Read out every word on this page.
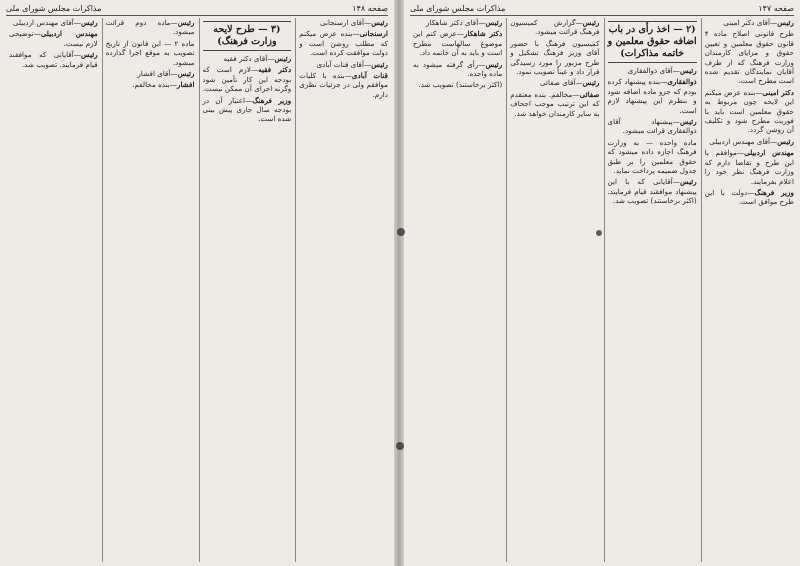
صفحه ۱۴۷
مذاکرات مجلس شورای ملی

رئیس—آقای دکتر امینی

طرح قانونی اصلاح ماده ۴ قانون حقوق معلمین و تعیین حقوق و مزایای کارمندان وزارت فرهنگ که از طرف آقایان نمایندگان تقدیم شده است مطرح است.

دکتر امینی—بنده عرض میکنم این لایحه چون مربوط به حقوق معلمین است باید با فوریت مطرح شود و تکلیف آن روشن گردد.

رئیس—آقای مهندس اردبیلی

مهندس اردبیلی—موافقم با این طرح و تقاضا دارم که وزارت فرهنگ نظر خود را اعلام بفرمایند.

وزیر فرهنگ—دولت با این طرح موافق است.

(۲ — اخذ رأی در باب اضافه حقوق معلمین و خاتمه مذاکرات)

رئیس—آقای ذوالفقاری

ذوالفقاری—بنده پیشنهاد کرده بودم که جزو ماده اضافه شود و بنظرم این پیشنهاد لازم است.

رئیس—پیشنهاد آقای ذوالفقاری قرائت میشود.

ماده واحده — به وزارت فرهنگ اجازه داده میشود که حقوق معلمین را بر طبق جدول ضمیمه پرداخت نماید.

رئیس—آقایانی که با این پیشنهاد موافقند قیام فرمایند. (اکثر برخاستند) تصویب شد.

رئیس—گزارش کمیسیون فرهنگ قرائت میشود.

کمیسیون فرهنگ با حضور آقای وزیر فرهنگ تشکیل و طرح مزبور را مورد رسیدگی قرار داد و عیناً تصویب نمود.

رئیس—آقای صفائی

صفائی—مخالفم. بنده معتقدم که این ترتیب موجب اجحاف به سایر کارمندان خواهد شد.

رئیس—آقای دکتر شاهکار

دکتر شاهکار—عرض کنم این موضوع سالهاست مطرح است و باید به آن خاتمه داد.

رئیس—رأی گرفته میشود به ماده واحده.

(اکثر برخاستند) تصویب شد.

صفحه ۱۴۸
مذاکرات مجلس شورای ملی

رئیس—آقای ارسنجانی

ارسنجانی—بنده عرض میکنم که مطلب روشن است و دولت موافقت کرده است.

رئیس—آقای قنات آبادی

قنات آبادی—بنده با کلیات موافقم ولی در جزئیات نظری دارم.

(۳ — طرح لایحه وزارت فرهنگ)

رئیس—آقای دکتر فقیه

دکتر فقیه—لازم است که بودجه این کار تأمین شود وگرنه اجرای آن ممکن نیست.

وزیر فرهنگ—اعتبار آن در بودجه سال جاری پیش بینی شده است.

رئیس—ماده دوم قرائت میشود.

ماده ۲ — این قانون از تاریخ تصویب به موقع اجرا گذارده میشود.

رئیس—آقای افشار

افشار—بنده مخالفم.

رئیس—آقای مهندس اردبیلی

مهندس اردبیلی—توضیحی لازم نیست.

رئیس—آقایانی که موافقند قیام فرمایند. تصویب شد.
